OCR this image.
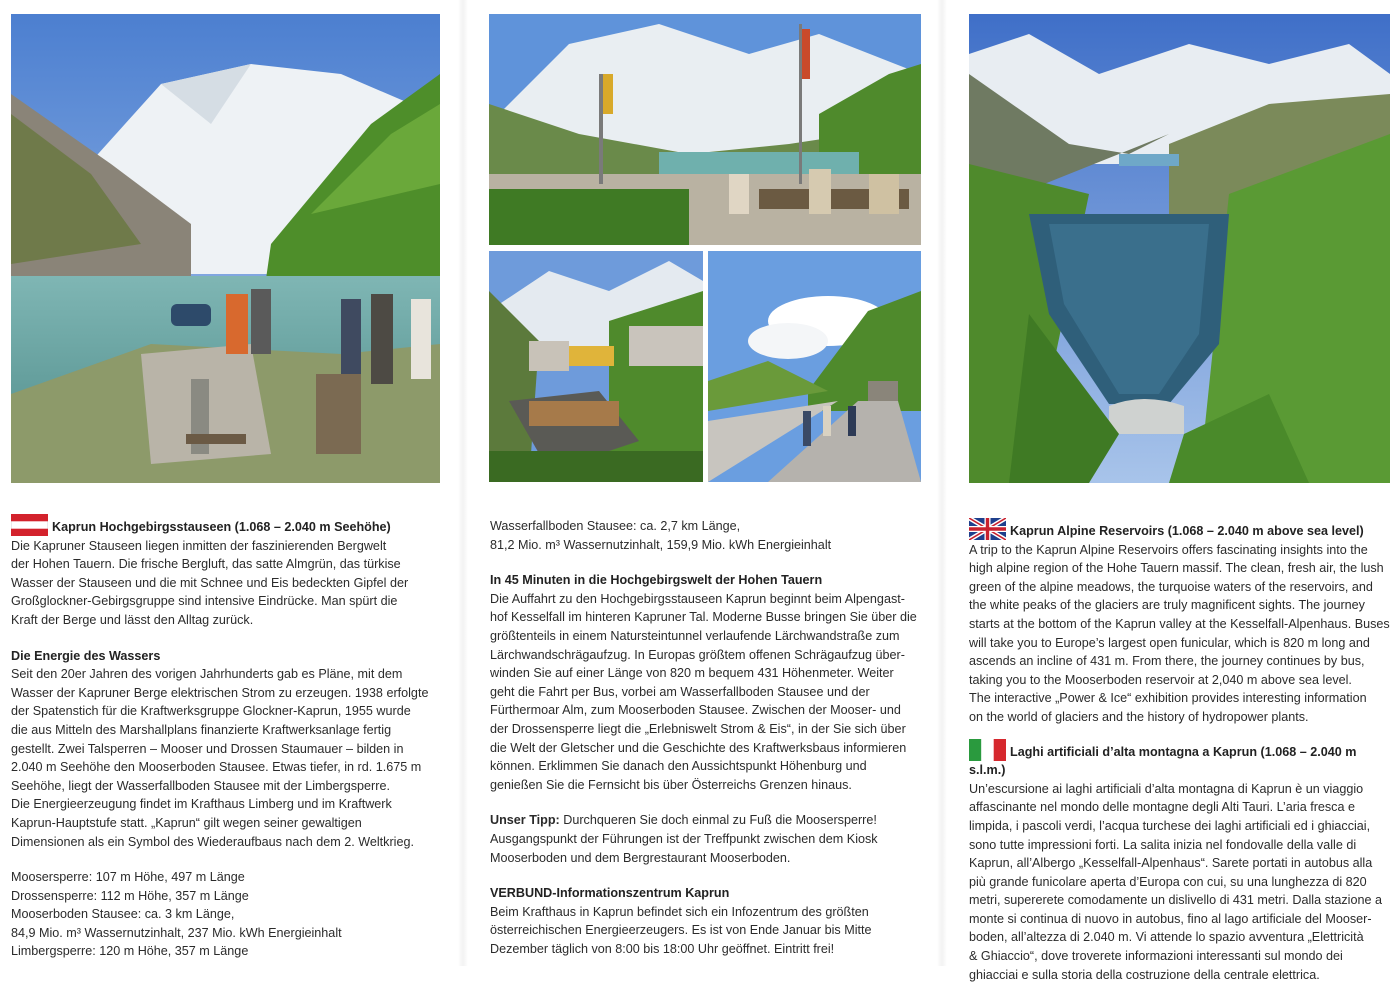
Kaprun Hochgebirgsstauseen (1.068 – 2.040 m Seehöhe)

Die Kapruner Stauseen liegen inmitten der faszinierenden Bergwelt

der Hohen Tauern. Die frische Bergluft, das satte Almgrün, das türkise

Wasser der Stauseen und die mit Schnee und Eis bedeckten Gipfel der

Großglockner-Gebirgsgruppe sind intensive Eindrücke. Man spürt die

Kraft der Berge und lässt den Alltag zurück.

Die Energie des Wassers

Seit den 20er Jahren des vorigen Jahrhunderts gab es Pläne, mit dem

Wasser der Kapruner Berge elektrischen Strom zu erzeugen. 1938 erfolgte

der Spatenstich für die Kraftwerksgruppe Glockner-Kaprun, 1955 wurde

die aus Mitteln des Marshallplans finanzierte Kraftwerksanlage fertig

gestellt. Zwei Talsperren – Mooser und Drossen Staumauer – bilden in

2.040 m Seehöhe den Mooserboden Stausee. Etwas tiefer, in rd. 1.675 m

Seehöhe, liegt der Wasserfallboden Stausee mit der Limbergsperre.

Die Energieerzeugung findet im Krafthaus Limberg und im Kraftwerk

Kaprun-Hauptstufe statt. „Kaprun“ gilt wegen seiner gewaltigen

Dimensionen als ein Symbol des Wiederaufbaus nach dem 2. Weltkrieg.

Moosersperre: 107 m Höhe, 497 m Länge

Drossensperre: 112 m Höhe, 357 m Länge

Mooserboden Stausee: ca. 3 km Länge,

84,9 Mio. m³ Wassernutzinhalt, 237 Mio. kWh Energieinhalt

Limbergsperre: 120 m Höhe, 357 m Länge

Wasserfallboden Stausee: ca. 2,7 km Länge,

81,2 Mio. m³ Wassernutzinhalt, 159,9 Mio. kWh Energieinhalt

In 45 Minuten in die Hochgebirgswelt der Hohen Tauern

Die Auffahrt zu den Hochgebirgsstauseen Kaprun beginnt beim Alpengast-

hof Kesselfall im hinteren Kapruner Tal. Moderne Busse bringen Sie über die

größtenteils in einem Natursteintunnel verlaufende Lärchwandstraße zum

Lärchwandschrägaufzug. In Europas größtem offenen Schrägaufzug über-

winden Sie auf einer Länge von 820 m bequem 431 Höhenmeter. Weiter

geht die Fahrt per Bus, vorbei am Wasserfallboden Stausee und der

Fürthermoar Alm, zum Mooserboden Stausee. Zwischen der Mooser- und

der Drossensperre liegt die „Erlebniswelt Strom & Eis“, in der Sie sich über

die Welt der Gletscher und die Geschichte des Kraftwerksbaus informieren

können. Erklimmen Sie danach den Aussichtspunkt Höhenburg und

genießen Sie die Fernsicht bis über Österreichs Grenzen hinaus.

Unser Tipp: Durchqueren Sie doch einmal zu Fuß die Moosersperre!

Ausgangspunkt der Führungen ist der Treffpunkt zwischen dem Kiosk

Mooserboden und dem Bergrestaurant Mooserboden.

VERBUND-Informationszentrum Kaprun

Beim Krafthaus in Kaprun befindet sich ein Infozentrum des größten

österreichischen Energieerzeugers. Es ist von Ende Januar bis Mitte

Dezember täglich von 8:00 bis 18:00 Uhr geöffnet. Eintritt frei!

Kaprun Alpine Reservoirs (1.068 – 2.040 m above sea level)

A trip to the Kaprun Alpine Reservoirs offers fascinating insights into the

high alpine region of the Hohe Tauern massif. The clean, fresh air, the lush

green of the alpine meadows, the turquoise waters of the reservoirs, and

the white peaks of the glaciers are truly magnificent sights. The journey

starts at the bottom of the Kaprun valley at the Kesselfall-Alpenhaus. Buses

will take you to Europe’s largest open funicular, which is 820 m long and

ascends an incline of 431 m. From there, the journey continues by bus,

taking you to the Mooserboden reservoir at 2,040 m above sea level.

The interactive „Power & Ice“ exhibition provides interesting information

on the world of glaciers and the history of hydropower plants.

Laghi artificiali d’alta montagna a Kaprun (1.068 – 2.040 m s.l.m.)

Un’escursione ai laghi artificiali d’alta montagna di Kaprun è un viaggio

affascinante nel mondo delle montagne degli Alti Tauri. L’aria fresca e

limpida, i pascoli verdi, l’acqua turchese dei laghi artificiali ed i ghiacciai,

sono tutte impressioni forti. La salita inizia nel fondovalle della valle di

Kaprun, all’Albergo „Kesselfall-Alpenhaus“. Sarete portati in autobus alla

più grande funicolare aperta d’Europa con cui, su una lunghezza di 820

metri, supererete comodamente un dislivello di 431 metri. Dalla stazione a

monte si continua di nuovo in autobus, fino al lago artificiale del Mooser-

boden, all’altezza di 2.040 m. Vi attende lo spazio avventura „Elettricità

& Ghiaccio“, dove troverete informazioni interessanti sul mondo dei

ghiacciai e sulla storia della costruzione della centrale elettrica.
